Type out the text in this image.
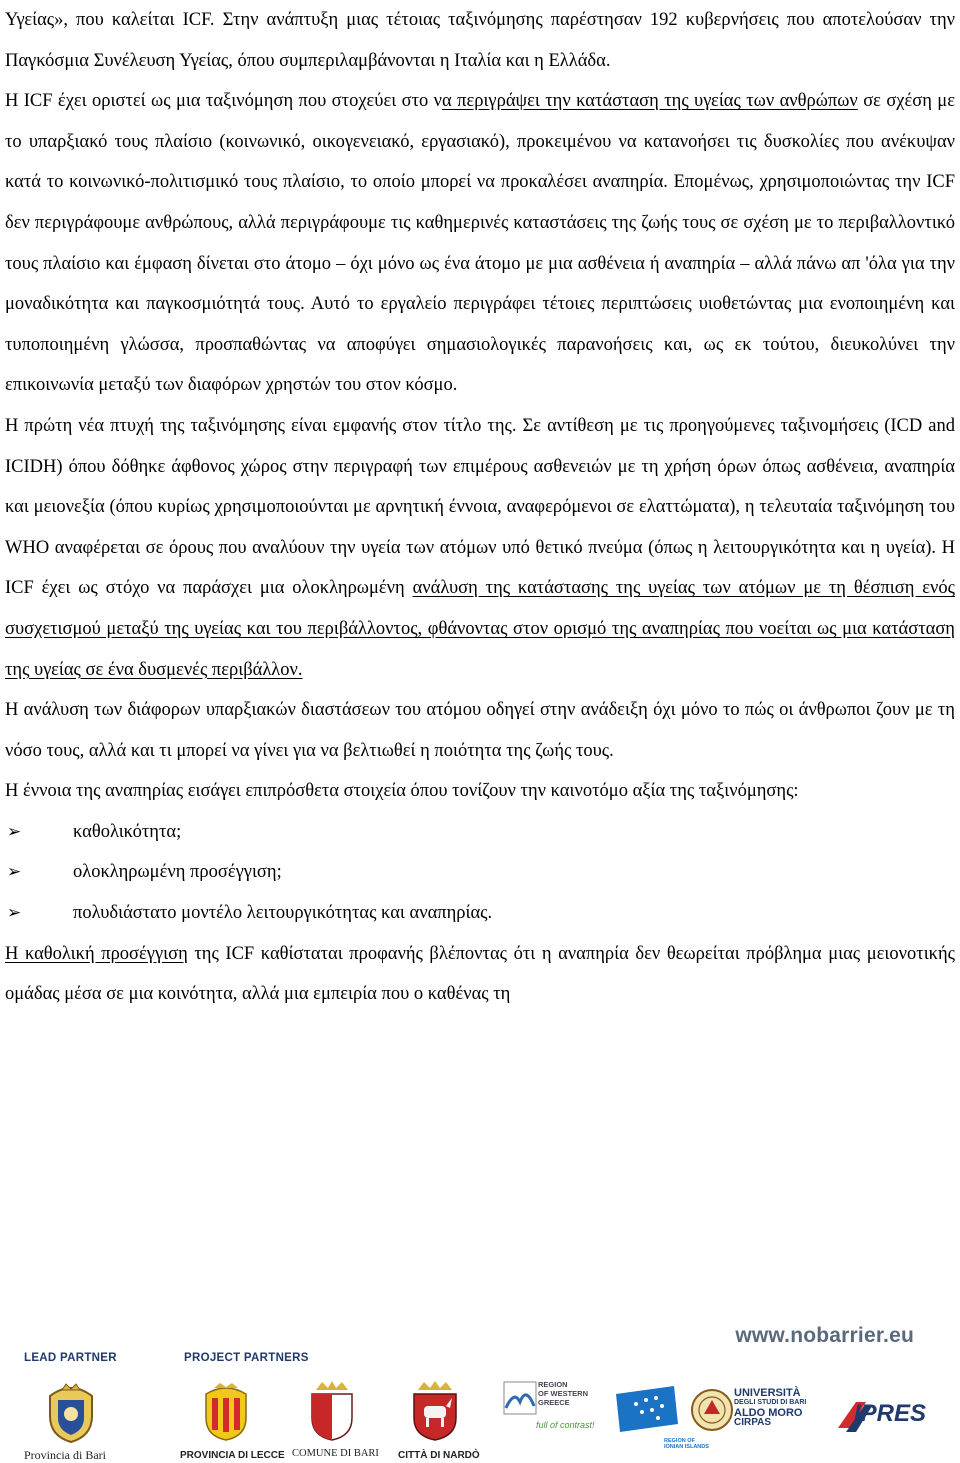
Υγείας», που καλείται ICF. Στην ανάπτυξη μιας τέτοιας ταξινόμησης παρέστησαν 192 κυβερνήσεις που αποτελούσαν την Παγκόσμια Συνέλευση Υγείας, όπου συμπεριλαμβάνονται η Ιταλία και η Ελλάδα.

Η ICF έχει οριστεί ως μια ταξινόμηση που στοχεύει στο να περιγράψει την κατάσταση της υγείας των ανθρώπων σε σχέση με το υπαρξιακό τους πλαίσιο (κοινωνικό, οικογενειακό, εργασιακό), προκειμένου να κατανοήσει τις δυσκολίες που ανέκυψαν κατά το κοινωνικό-πολιτισμικό τους πλαίσιο, το οποίο μπορεί να προκαλέσει αναπηρία. Επομένως, χρησιμοποιώντας την ICF δεν περιγράφουμε ανθρώπους, αλλά περιγράφουμε τις καθημερινές καταστάσεις της ζωής τους σε σχέση με το περιβαλλοντικό τους πλαίσιο και έμφαση δίνεται στο άτομο – όχι μόνο ως ένα άτομο με μια ασθένεια ή αναπηρία – αλλά πάνω απ 'όλα για την μοναδικότητα και παγκοσμιότητά τους. Αυτό το εργαλείο περιγράφει τέτοιες περιπτώσεις υιοθετώντας μια ενοποιημένη και τυποποιημένη γλώσσα, προσπαθώντας να αποφύγει σημασιολογικές παρανοήσεις και, ως εκ τούτου, διευκολύνει την επικοινωνία μεταξύ των διαφόρων χρηστών του στον κόσμο.

Η πρώτη νέα πτυχή της ταξινόμησης είναι εμφανής στον τίτλο της. Σε αντίθεση με τις προηγούμενες ταξινομήσεις (ICD and ICIDH) όπου δόθηκε άφθονος χώρος στην περιγραφή των επιμέρους ασθενειών με τη χρήση όρων όπως ασθένεια, αναπηρία και μειονεξία (όπου κυρίως χρησιμοποιούνται με αρνητική έννοια, αναφερόμενοι σε ελαττώματα), η τελευταία ταξινόμηση του WHO αναφέρεται σε όρους που αναλύουν την υγεία των ατόμων υπό θετικό πνεύμα (όπως η λειτουργικότητα και η υγεία). Η ICF έχει ως στόχο να παράσχει μια ολοκληρωμένη ανάλυση της κατάστασης της υγείας των ατόμων με τη θέσπιση ενός συσχετισμού μεταξύ της υγείας και του περιβάλλοντος, φθάνοντας στον ορισμό της αναπηρίας που νοείται ως μια κατάσταση της υγείας σε ένα δυσμενές περιβάλλον.

Η ανάλυση των διάφορων υπαρξιακών διαστάσεων του ατόμου οδηγεί στην ανάδειξη όχι μόνο το πώς οι άνθρωποι ζουν με τη νόσο τους, αλλά και τι μπορεί να γίνει για να βελτιωθεί η ποιότητα της ζωής τους.

Η έννοια της αναπηρίας εισάγει επιπρόσθετα στοιχεία όπου τονίζουν την καινοτόμο αξία της ταξινόμησης:

➢	καθολικότητα;
➢	ολοκληρωμένη προσέγγιση;
➢	πολυδιάστατο μοντέλο λειτουργικότητας και αναπηρίας.

Η καθολική προσέγγιση της ICF καθίσταται προφανής βλέποντας ότι η αναπηρία δεν θεωρείται πρόβλημα μιας μειονοτικής ομάδας μέσα σε μια κοινότητα, αλλά μια εμπειρία που ο καθένας τη

www.nobarrier.eu
LEAD PARTNER	PROJECT PARTNERS
Provincia di Bari	PROVINCIA DI LECCE COMUNE DI BARI CITTÀ DI NARDÒ
REGION
OF WESTERN
GREECE
full of contrast!
REGION OF
IONIAN ISLANDS
UNIVERSITÀ
DEGLI STUDI DI BARI
ALDO MORO
CIRPAS	IPRES
